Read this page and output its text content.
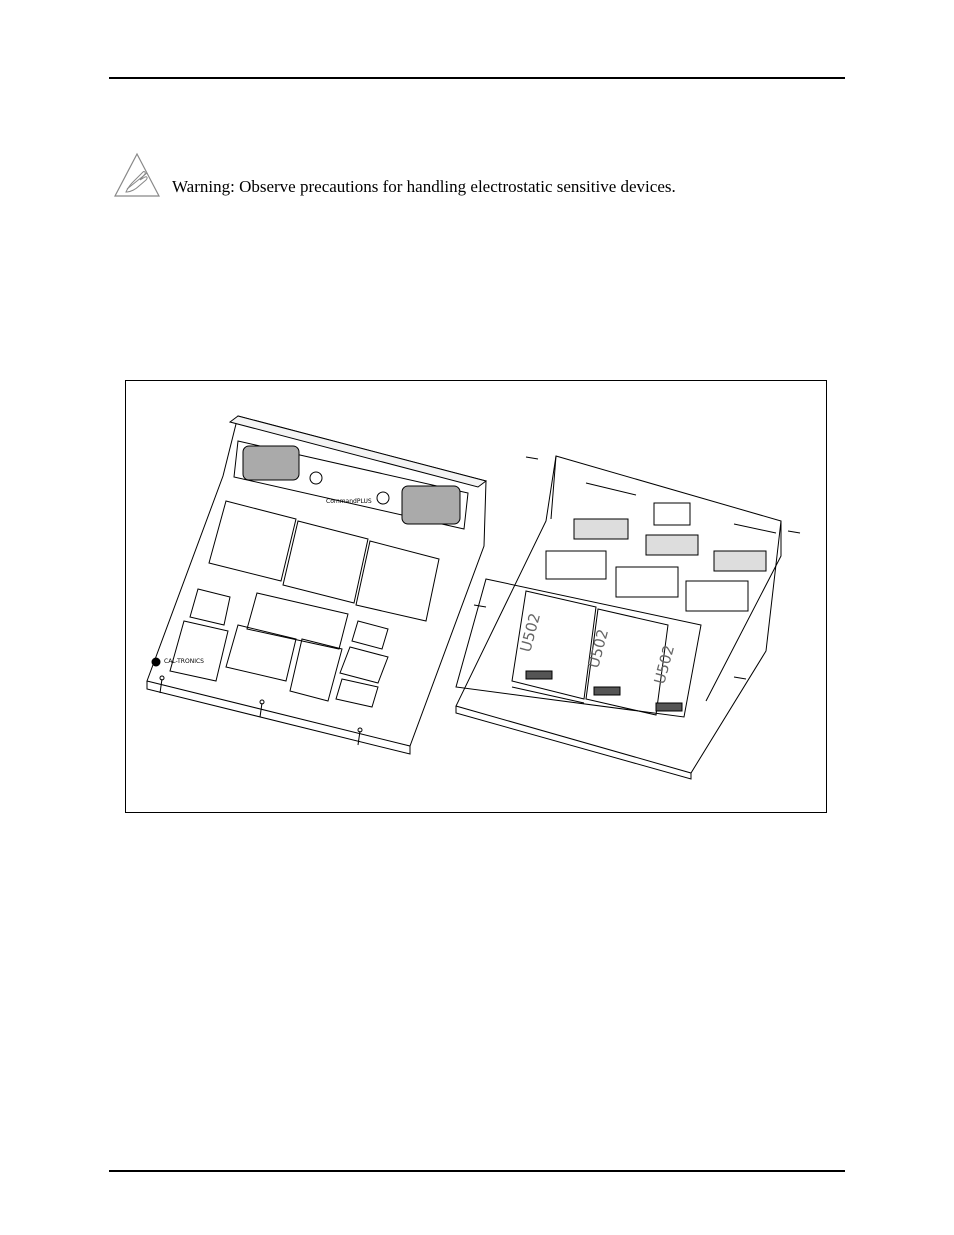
Warning: Observe precautions for handling electrostatic sensitive devices.
CommandPLUS
CAL-TRONICS
U502	U502	U502
